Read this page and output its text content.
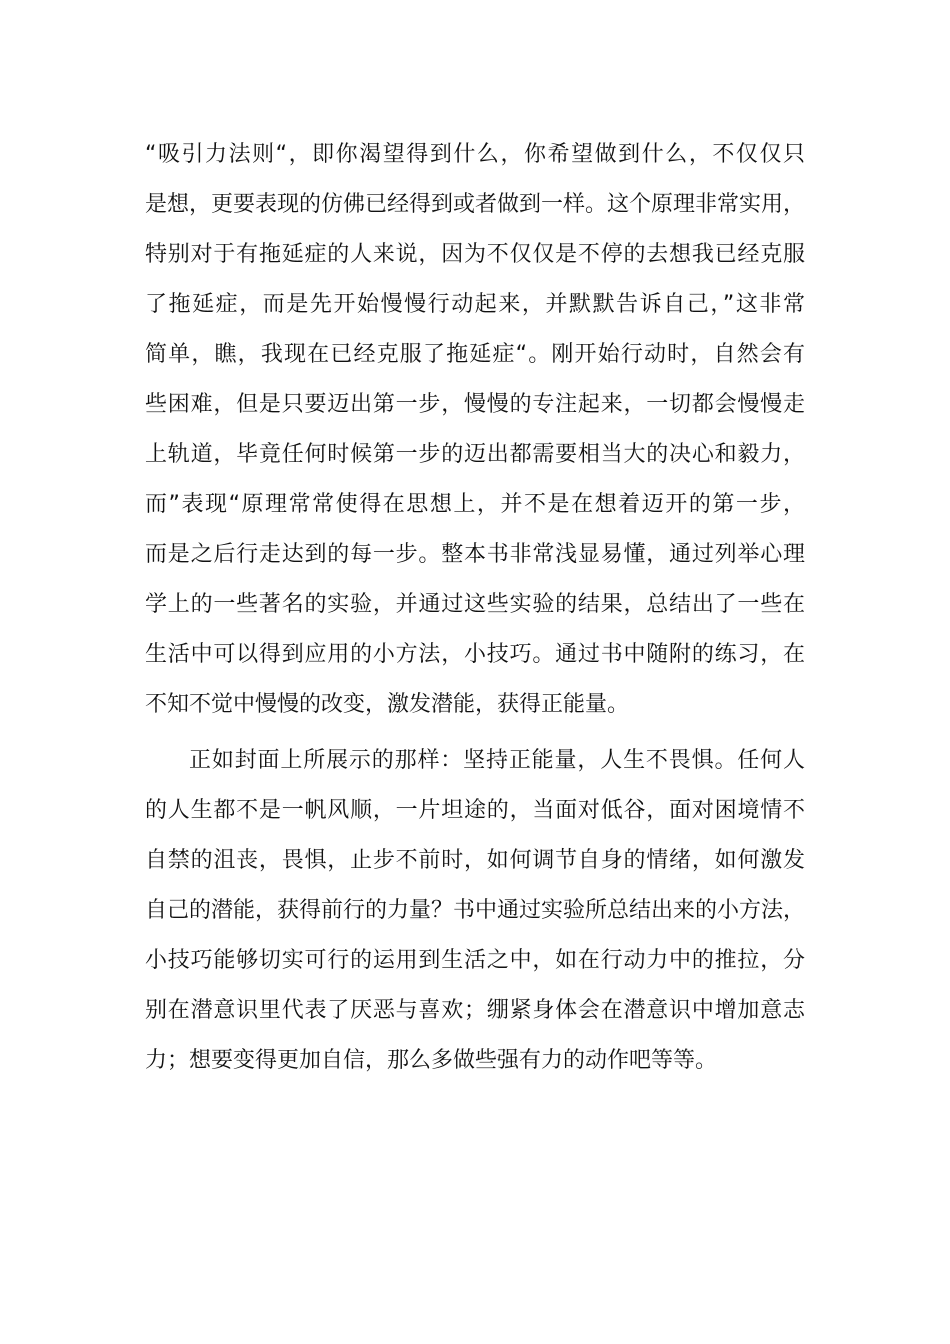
“吸引力法则“，即你渴望得到什么，你希望做到什么，不仅仅只
是想，更要表现的仿佛已经得到或者做到一样。这个原理非常实用，
特别对于有拖延症的人来说，因为不仅仅是不停的去想我已经克服
了拖延症，而是先开始慢慢行动起来，并默默告诉自己，”这非常
简单，瞧，我现在已经克服了拖延症“。刚开始行动时，自然会有
些困难，但是只要迈出第一步，慢慢的专注起来，一切都会慢慢走
上轨道，毕竟任何时候第一步的迈出都需要相当大的决心和毅力，
而”表现“原理常常使得在思想上，并不是在想着迈开的第一步，
而是之后行走达到的每一步。整本书非常浅显易懂，通过列举心理
学上的一些著名的实验，并通过这些实验的结果，总结出了一些在
生活中可以得到应用的小方法，小技巧。通过书中随附的练习，在
不知不觉中慢慢的改变，激发潜能，获得正能量。
正如封面上所展示的那样：坚持正能量，人生不畏惧。任何人
的人生都不是一帆风顺，一片坦途的，当面对低谷，面对困境情不
自禁的沮丧，畏惧，止步不前时，如何调节自身的情绪，如何激发
自己的潜能，获得前行的力量？书中通过实验所总结出来的小方法，
小技巧能够切实可行的运用到生活之中，如在行动力中的推拉，分
别在潜意识里代表了厌恶与喜欢；绷紧身体会在潜意识中增加意志
力；想要变得更加自信，那么多做些强有力的动作吧等等。
